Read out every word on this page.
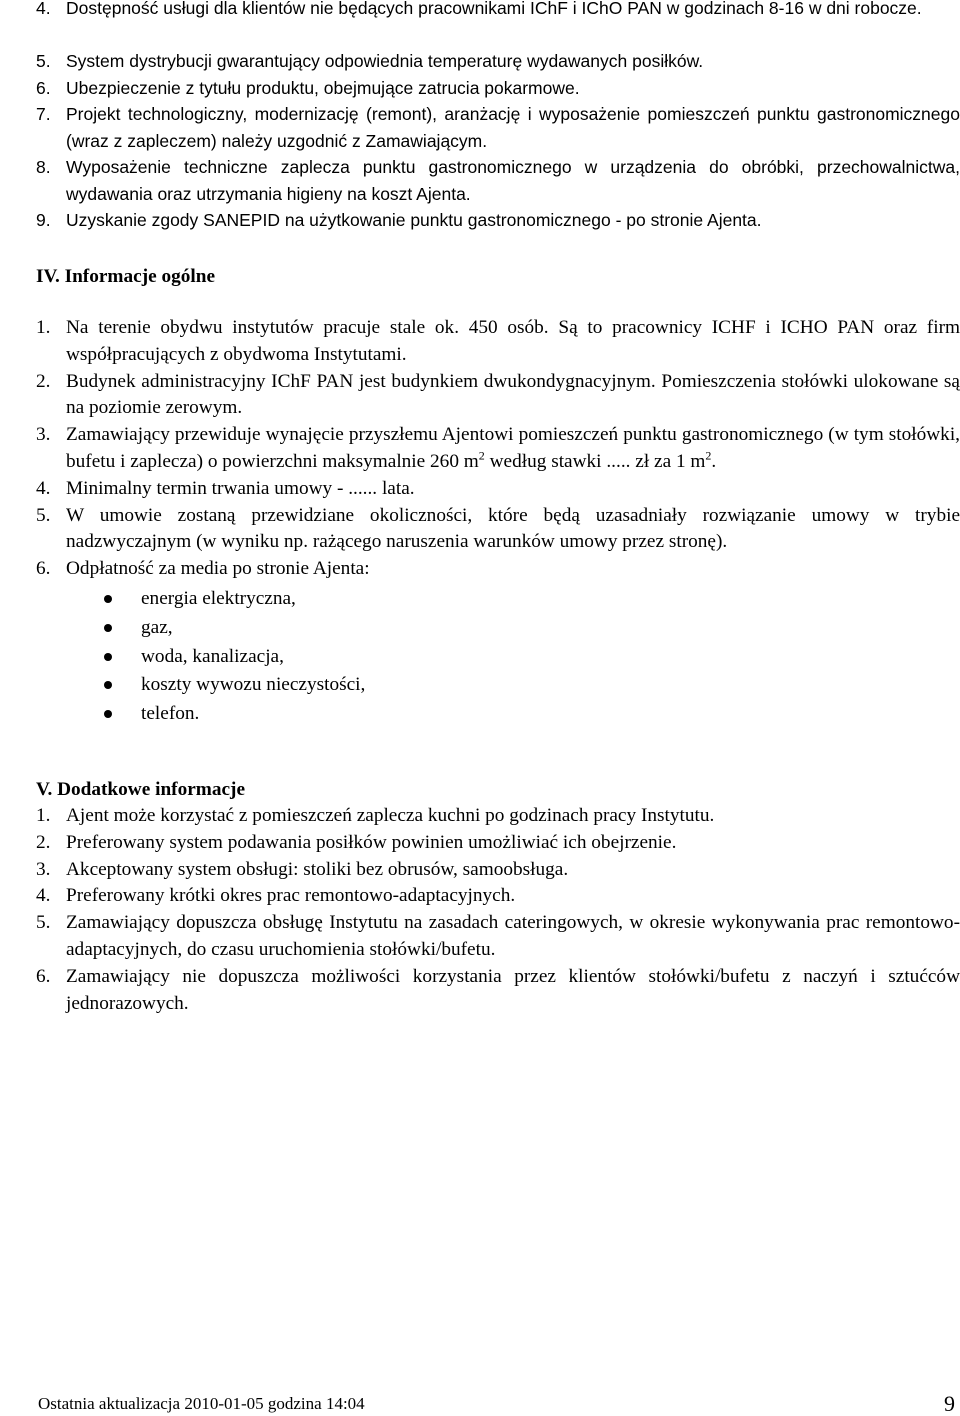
4. Dostępność usługi dla klientów nie będących pracownikami IChF i IChO PAN w godzinach 8-16 w dni robocze.
5. System dystrybucji gwarantujący odpowiednia temperaturę wydawanych posiłków.
6. Ubezpieczenie z tytułu produktu, obejmujące zatrucia pokarmowe.
7. Projekt technologiczny, modernizację (remont), aranżację i wyposażenie pomieszczeń punktu gastronomicznego (wraz z zapleczem) należy uzgodnić z Zamawiającym.
8. Wyposażenie techniczne zaplecza punktu gastronomicznego w urządzenia do obróbki, przechowalnictwa, wydawania oraz utrzymania higieny na koszt Ajenta.
9. Uzyskanie zgody SANEPID na użytkowanie punktu gastronomicznego - po stronie Ajenta.
IV. Informacje ogólne
1. Na terenie obydwu instytutów pracuje stale ok. 450 osób. Są to pracownicy ICHF i ICHO PAN oraz firm współpracujących z obydwoma Instytutami.
2. Budynek administracyjny IChF PAN jest budynkiem dwukondygnacyjnym. Pomieszczenia stołówki ulokowane są na poziomie zerowym.
3. Zamawiający przewiduje wynajęcie przyszłemu Ajentowi pomieszczeń punktu gastronomicznego (w tym stołówki, bufetu i zaplecza) o powierzchni maksymalnie 260 $m^2$ według stawki ..... zł za 1 $m^2$.
4. Minimalny termin trwania umowy - ...... lata.
5. W umowie zostaną przewidziane okoliczności, które będą uzasadniały rozwiązanie umowy w trybie nadzwyczajnym (w wyniku np. rażącego naruszenia warunków umowy przez stronę).
6. Odpłatność za media po stronie Ajenta:
energia elektryczna,
gaz,
woda, kanalizacja,
koszty wywozu nieczystości,
telefon.
V. Dodatkowe informacje
1. Ajent może korzystać z pomieszczeń zaplecza kuchni po godzinach pracy Instytutu.
2. Preferowany system podawania posiłków powinien umożliwiać ich obejrzenie.
3. Akceptowany system obsługi: stoliki bez obrusów, samoobsługa.
4. Preferowany krótki okres prac remontowo-adaptacyjnych.
5. Zamawiający dopuszcza obsługę Instytutu na zasadach cateringowych, w okresie wykonywania prac remontowo-adaptacyjnych, do czasu uruchomienia stołówki/bufetu.
6. Zamawiający nie dopuszcza możliwości korzystania przez klientów stołówki/bufetu z naczyń i sztućców jednorazowych.
Ostatnia aktualizacja 2010-01-05 godzina 14:04	9
